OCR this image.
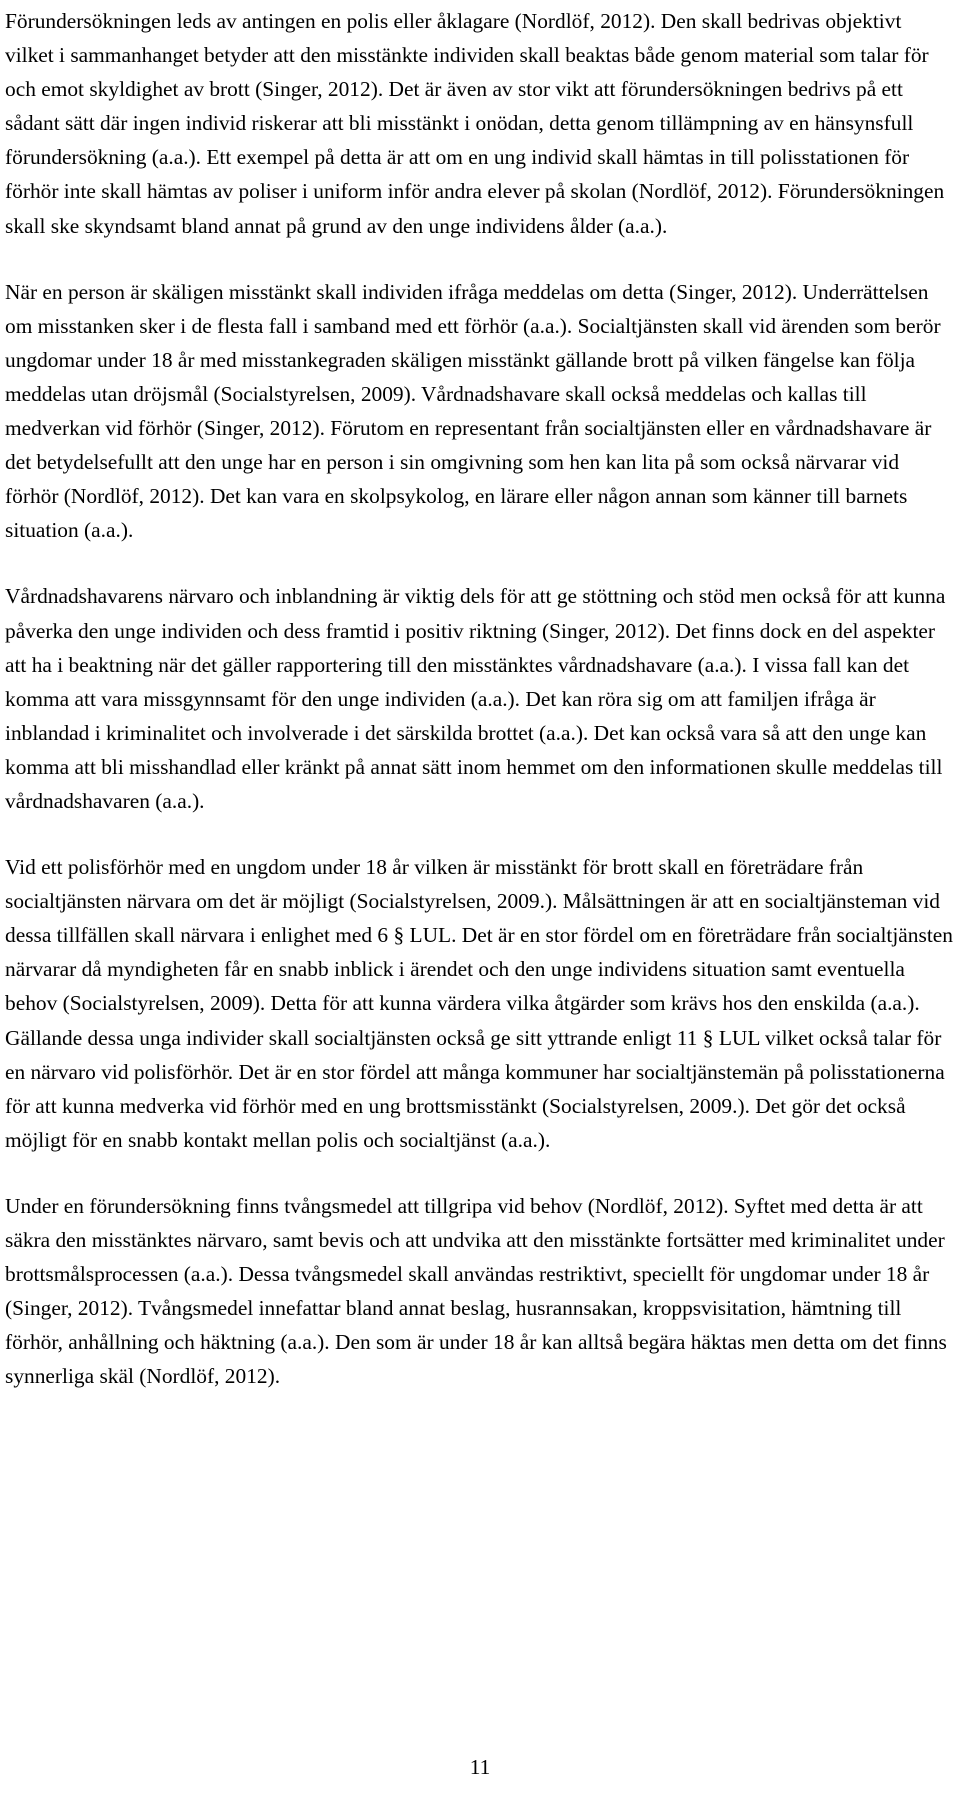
Förundersökningen leds av antingen en polis eller åklagare (Nordlöf, 2012). Den skall bedrivas objektivt vilket i sammanhanget betyder att den misstänkte individen skall beaktas både genom material som talar för och emot skyldighet av brott (Singer, 2012). Det är även av stor vikt att förundersökningen bedrivs på ett sådant sätt där ingen individ riskerar att bli misstänkt i onödan, detta genom tillämpning av en hänsynsfull förundersökning (a.a.). Ett exempel på detta är att om en ung individ skall hämtas in till polisstationen för förhör inte skall hämtas av poliser i uniform inför andra elever på skolan (Nordlöf, 2012). Förundersökningen skall ske skyndsamt bland annat på grund av den unge individens ålder (a.a.).

När en person är skäligen misstänkt skall individen ifråga meddelas om detta (Singer, 2012). Underrättelsen om misstanken sker i de flesta fall i samband med ett förhör (a.a.). Socialtjänsten skall vid ärenden som berör ungdomar under 18 år med misstankegraden skäligen misstänkt gällande brott på vilken fängelse kan följa meddelas utan dröjsmål (Socialstyrelsen, 2009). Vårdnadshavare skall också meddelas och kallas till medverkan vid förhör (Singer, 2012). Förutom en representant från socialtjänsten eller en vårdnadshavare är det betydelsefullt att den unge har en person i sin omgivning som hen kan lita på som också närvarar vid förhör (Nordlöf, 2012). Det kan vara en skolpsykolog, en lärare eller någon annan som känner till barnets situation (a.a.).

Vårdnadshavarens närvaro och inblandning är viktig dels för att ge stöttning och stöd men också för att kunna påverka den unge individen och dess framtid i positiv riktning (Singer, 2012). Det finns dock en del aspekter att ha i beaktning när det gäller rapportering till den misstänktes vårdnadshavare (a.a.). I vissa fall kan det komma att vara missgynnsamt för den unge individen (a.a.). Det kan röra sig om att familjen ifråga är inblandad i kriminalitet och involverade i det särskilda brottet (a.a.). Det kan också vara så att den unge kan komma att bli misshandlad eller kränkt på annat sätt inom hemmet om den informationen skulle meddelas till vårdnadshavaren (a.a.).

Vid ett polisförhör med en ungdom under 18 år vilken är misstänkt för brott skall en företrädare från socialtjänsten närvara om det är möjligt (Socialstyrelsen, 2009.). Målsättningen är att en socialtjänsteman vid dessa tillfällen skall närvara i enlighet med 6 § LUL. Det är en stor fördel om en företrädare från socialtjänsten närvarar då myndigheten får en snabb inblick i ärendet och den unge individens situation samt eventuella behov (Socialstyrelsen, 2009). Detta för att kunna värdera vilka åtgärder som krävs hos den enskilda (a.a.). Gällande dessa unga individer skall socialtjänsten också ge sitt yttrande enligt 11 § LUL vilket också talar för en närvaro vid polisförhör. Det är en stor fördel att många kommuner har socialtjänstemän på polisstationerna för att kunna medverka vid förhör med en ung brottsmisstänkt (Socialstyrelsen, 2009.). Det gör det också möjligt för en snabb kontakt mellan polis och socialtjänst (a.a.).

Under en förundersökning finns tvångsmedel att tillgripa vid behov (Nordlöf, 2012). Syftet med detta är att säkra den misstänktes närvaro, samt bevis och att undvika att den misstänkte fortsätter med kriminalitet under brottsmålsprocessen (a.a.). Dessa tvångsmedel skall användas restriktivt, speciellt för ungdomar under 18 år (Singer, 2012). Tvångsmedel innefattar bland annat beslag, husrannsakan, kroppsvisitation, hämtning till förhör, anhållning och häktning (a.a.). Den som är under 18 år kan alltså begära häktas men detta om det finns synnerliga skäl (Nordlöf, 2012).

11
